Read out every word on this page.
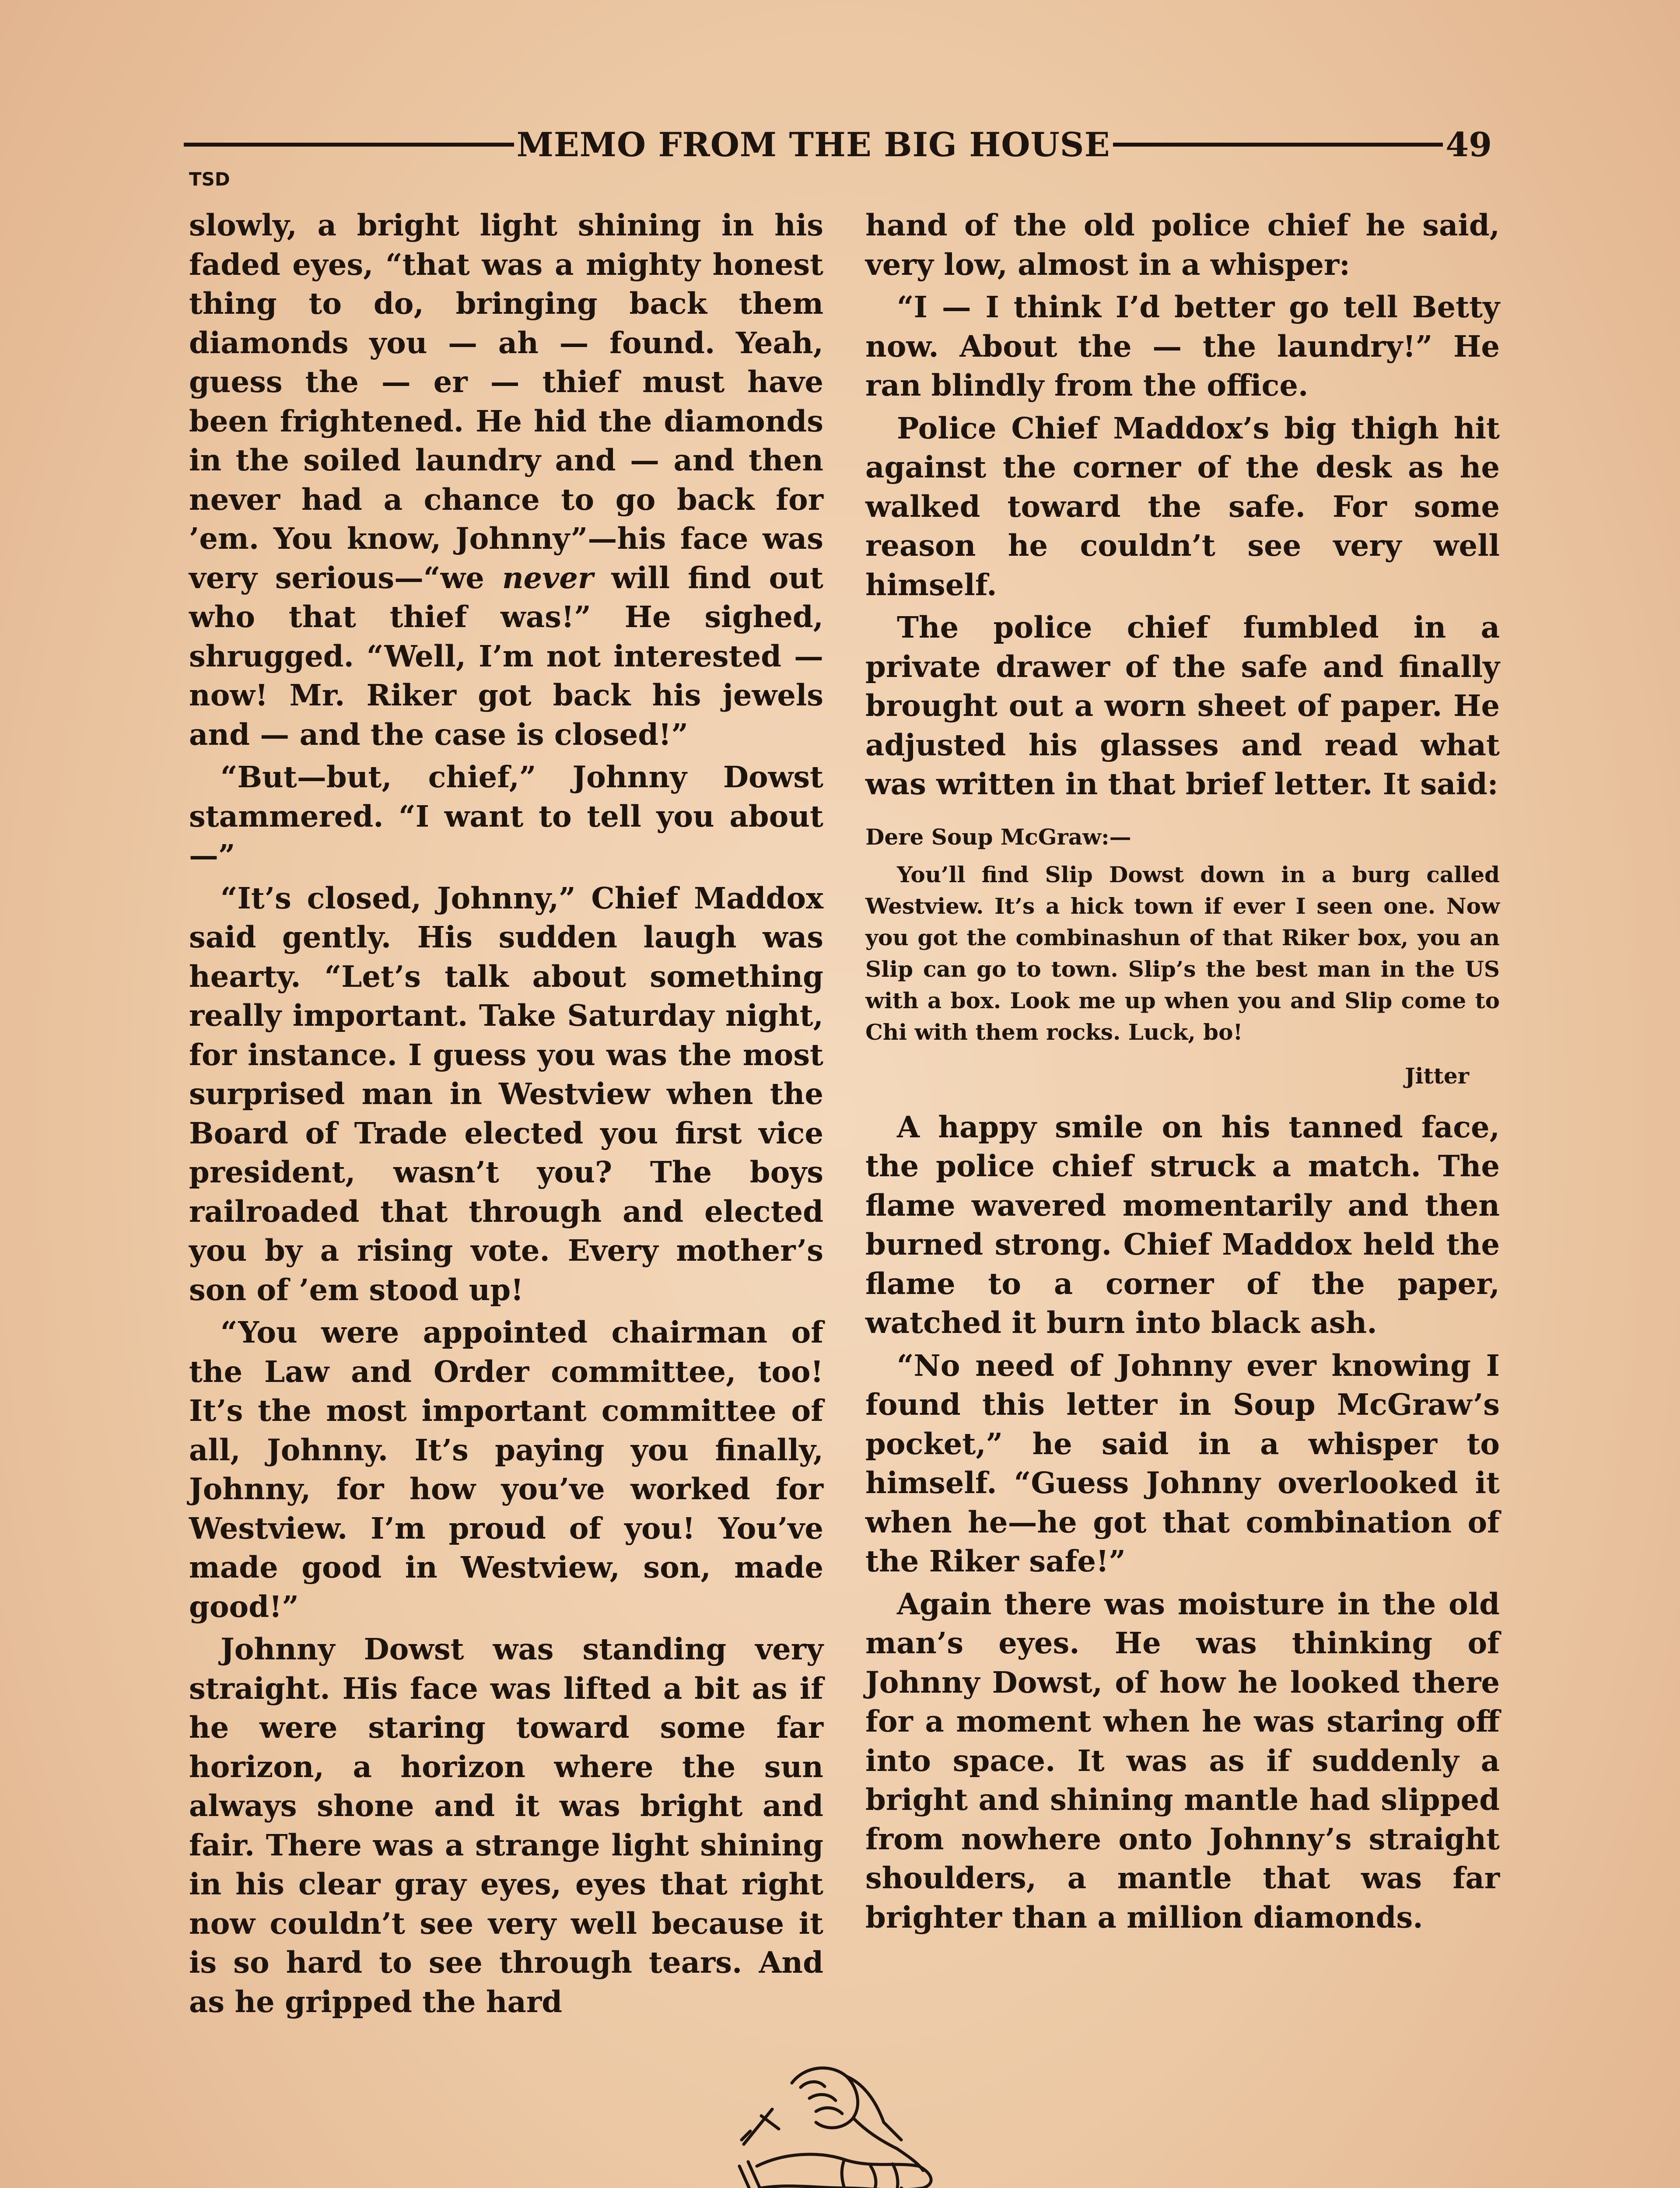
MEMO FROM THE BIG HOUSE	49
TSD

slowly, a bright light shining in his faded eyes, “that was a mighty honest thing to do, bringing back them diamonds you — ah — found. Yeah, guess the — er — thief must have been frightened. He hid the diamonds in the soiled laundry and — and then never had a chance to go back for ’em. You know, Johnny”—his face was very serious—“we never will find out who that thief was!” He sighed, shrugged. “Well, I’m not interested —now! Mr. Riker got back his jewels and — and the case is closed!”

“But—but, chief,” Johnny Dowst stammered. “I want to tell you about—”

“It’s closed, Johnny,” Chief Maddox said gently. His sudden laugh was hearty. “Let’s talk about something really important. Take Saturday night, for instance. I guess you was the most surprised man in Westview when the Board of Trade elected you first vice president, wasn’t you? The boys railroaded that through and elected you by a rising vote. Every mother’s son of ’em stood up!

“You were appointed chairman of the Law and Order committee, too! It’s the most important committee of all, Johnny. It’s paying you finally, Johnny, for how you’ve worked for Westview. I’m proud of you! You’ve made good in Westview, son, made good!”

Johnny Dowst was standing very straight. His face was lifted a bit as if he were staring toward some far horizon, a horizon where the sun always shone and it was bright and fair. There was a strange light shining in his clear gray eyes, eyes that right now couldn’t see very well because it is so hard to see through tears. And as he gripped the hard

hand of the old police chief he said, very low, almost in a whisper:

“I — I think I’d better go tell Betty now. About the — the laundry!” He ran blindly from the office.

Police Chief Maddox’s big thigh hit against the corner of the desk as he walked toward the safe. For some reason he couldn’t see very well himself.

The police chief fumbled in a private drawer of the safe and finally brought out a worn sheet of paper. He adjusted his glasses and read what was written in that brief letter. It said:

Dere Soup McGraw:—

You’ll find Slip Dowst down in a burg called Westview. It’s a hick town if ever I seen one. Now you got the combinashun of that Riker box, you an Slip can go to town. Slip’s the best man in the US with a box. Look me up when you and Slip come to Chi with them rocks. Luck, bo!

Jitter

A happy smile on his tanned face, the police chief struck a match. The flame wavered momentarily and then burned strong. Chief Maddox held the flame to a corner of the paper, watched it burn into black ash.

“No need of Johnny ever knowing I found this letter in Soup McGraw’s pocket,” he said in a whisper to himself. “Guess Johnny overlooked it when he—he got that combination of the Riker safe!”

Again there was moisture in the old man’s eyes. He was thinking of Johnny Dowst, of how he looked there for a moment when he was staring off into space. It was as if suddenly a bright and shining mantle had slipped from nowhere onto Johnny’s straight shoulders, a mantle that was far brighter than a million diamonds.
